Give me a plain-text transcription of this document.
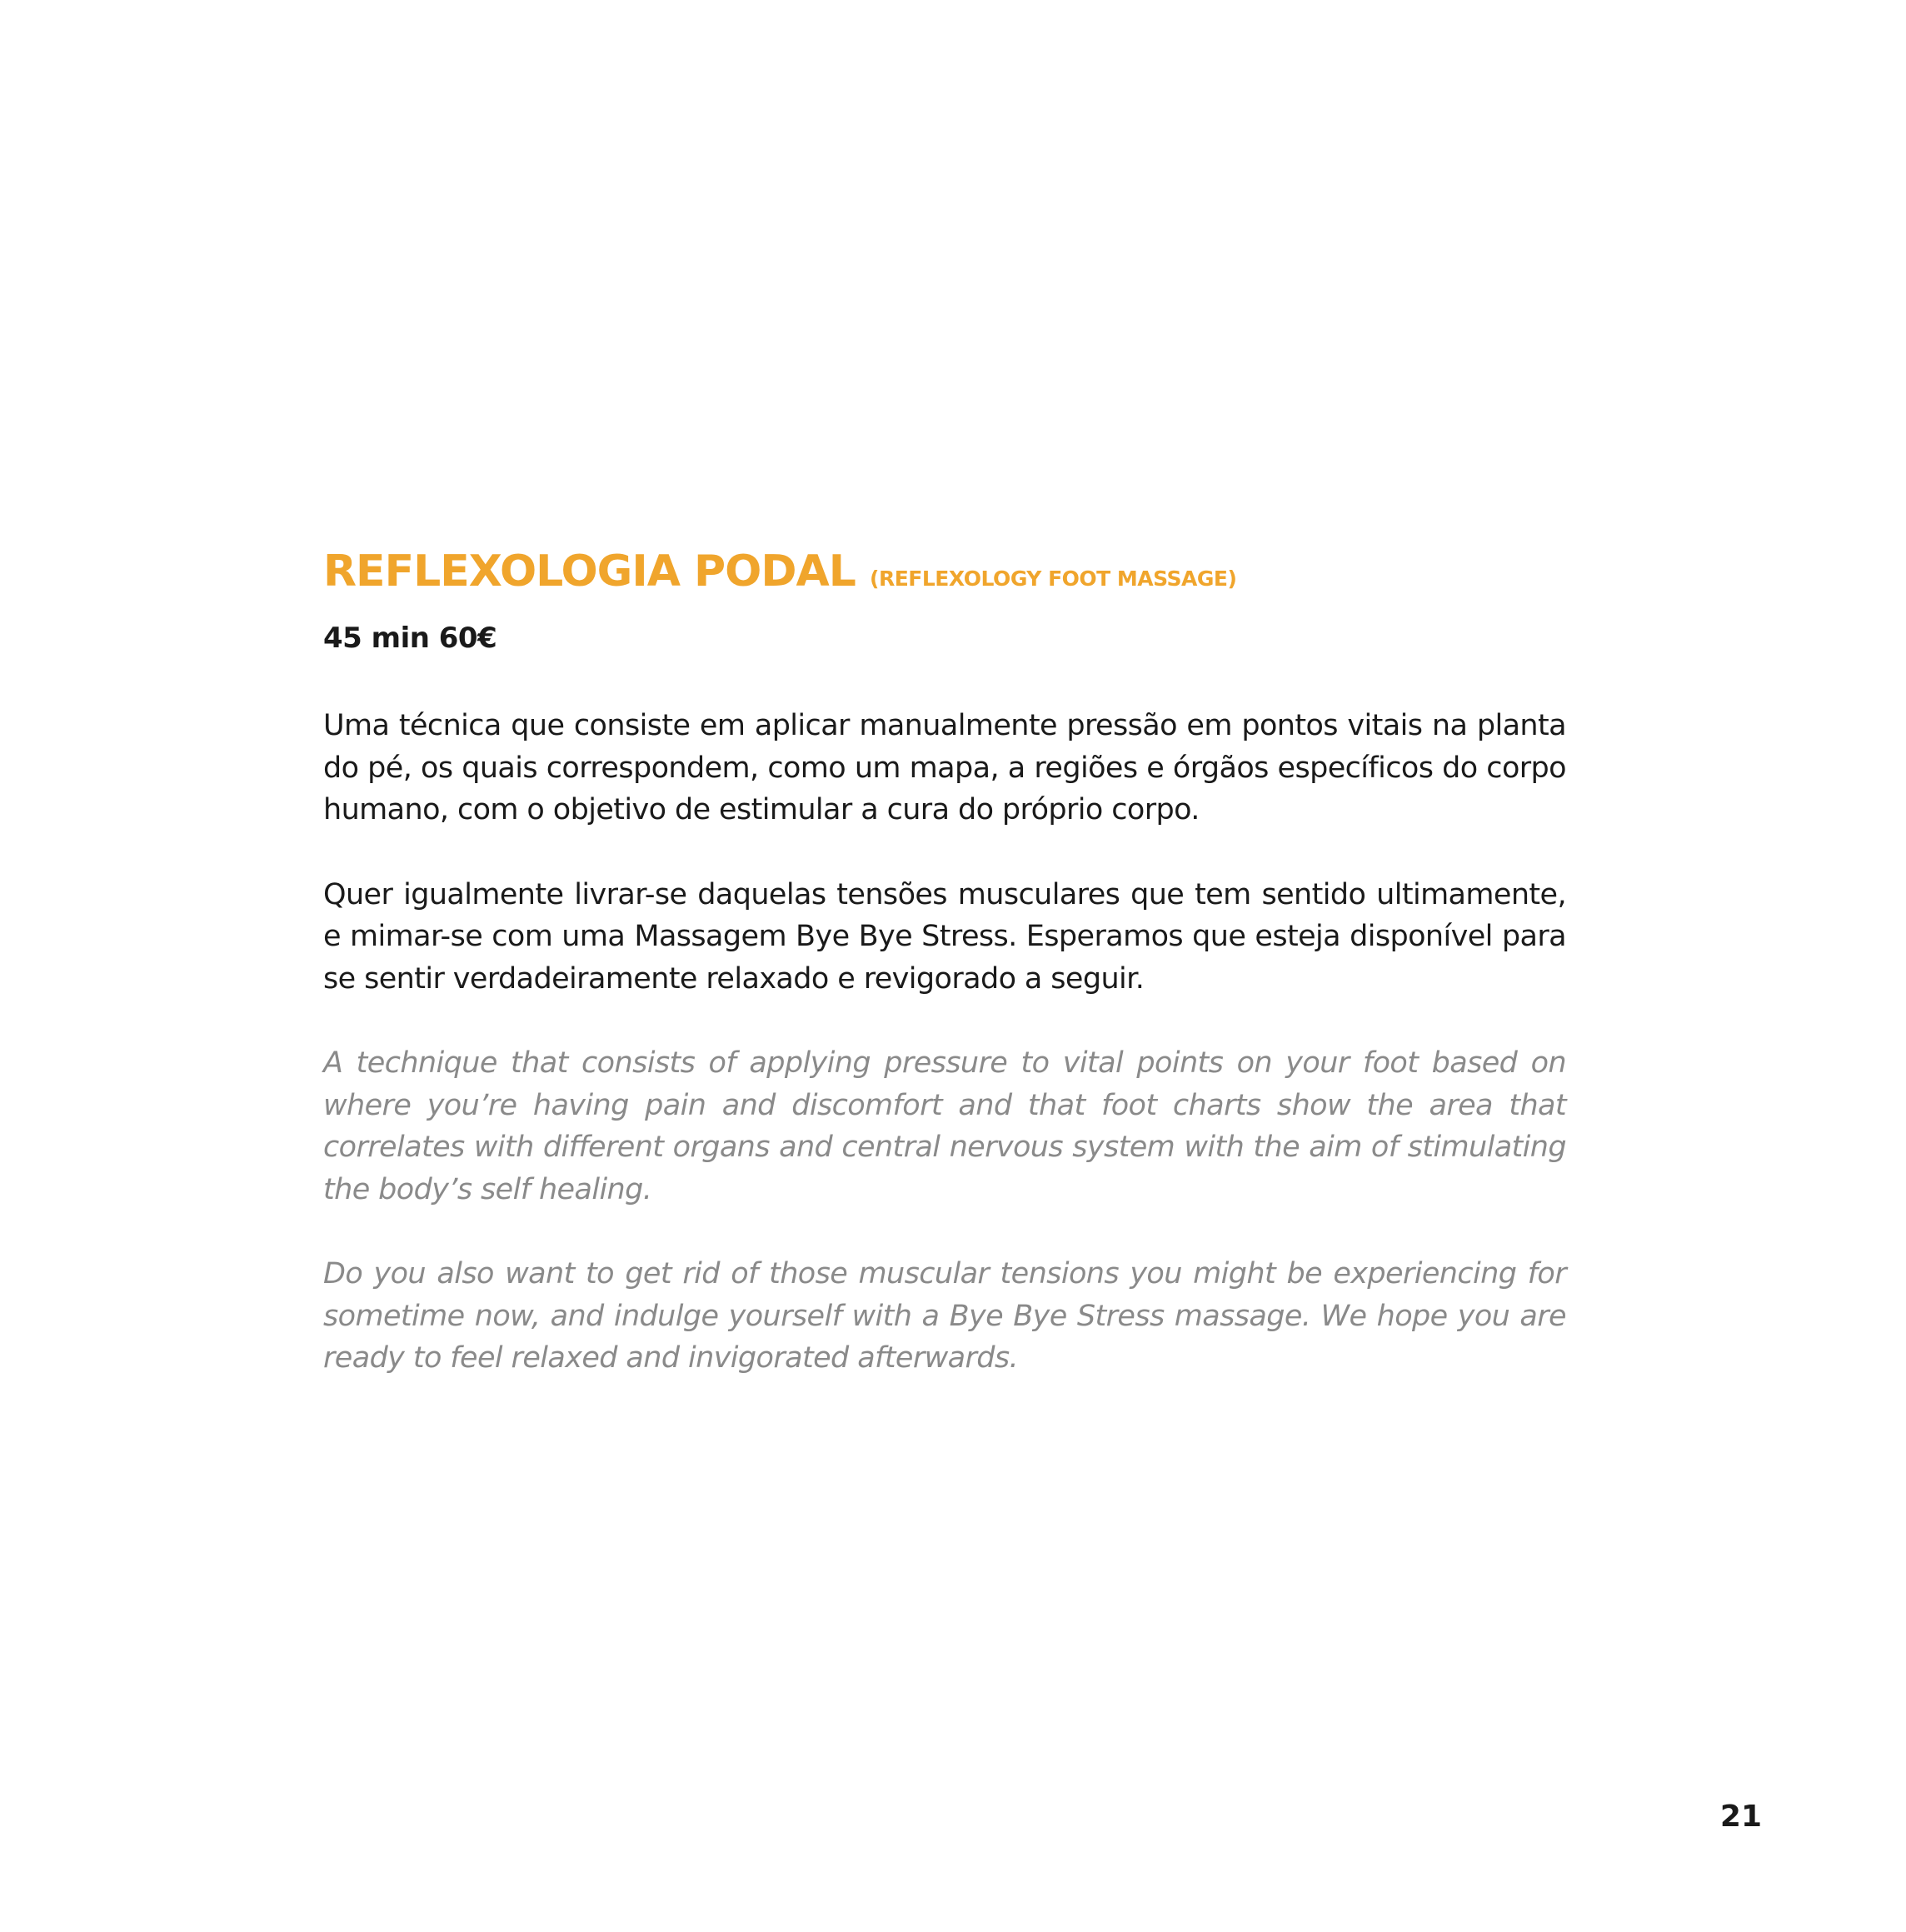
REFLEXOLOGIA PODAL (REFLEXOLOGY FOOT MASSAGE)

45 min 60€

Uma técnica que consiste em aplicar manualmente pressão em pontos vitais na planta do pé, os quais correspondem, como um mapa, a regiões e órgãos específicos do corpo humano, com o objetivo de estimular a cura do próprio corpo.

Quer igualmente livrar-se daquelas tensões musculares que tem sentido ultimamente, e mimar-se com uma Massagem Bye Bye Stress. Esperamos que esteja disponível para se sentir verdadeiramente relaxado e revigorado a seguir.

A technique that consists of applying pressure to vital points on your foot based on where you’re having pain and discomfort and that foot charts show the area that correlates with different organs and central nervous system with the aim of stimulating the body’s self healing.

Do you also want to get rid of those muscular tensions you might be experiencing for sometime now, and indulge yourself with a Bye Bye Stress massage. We hope you are ready to feel relaxed and invigorated afterwards.

21
